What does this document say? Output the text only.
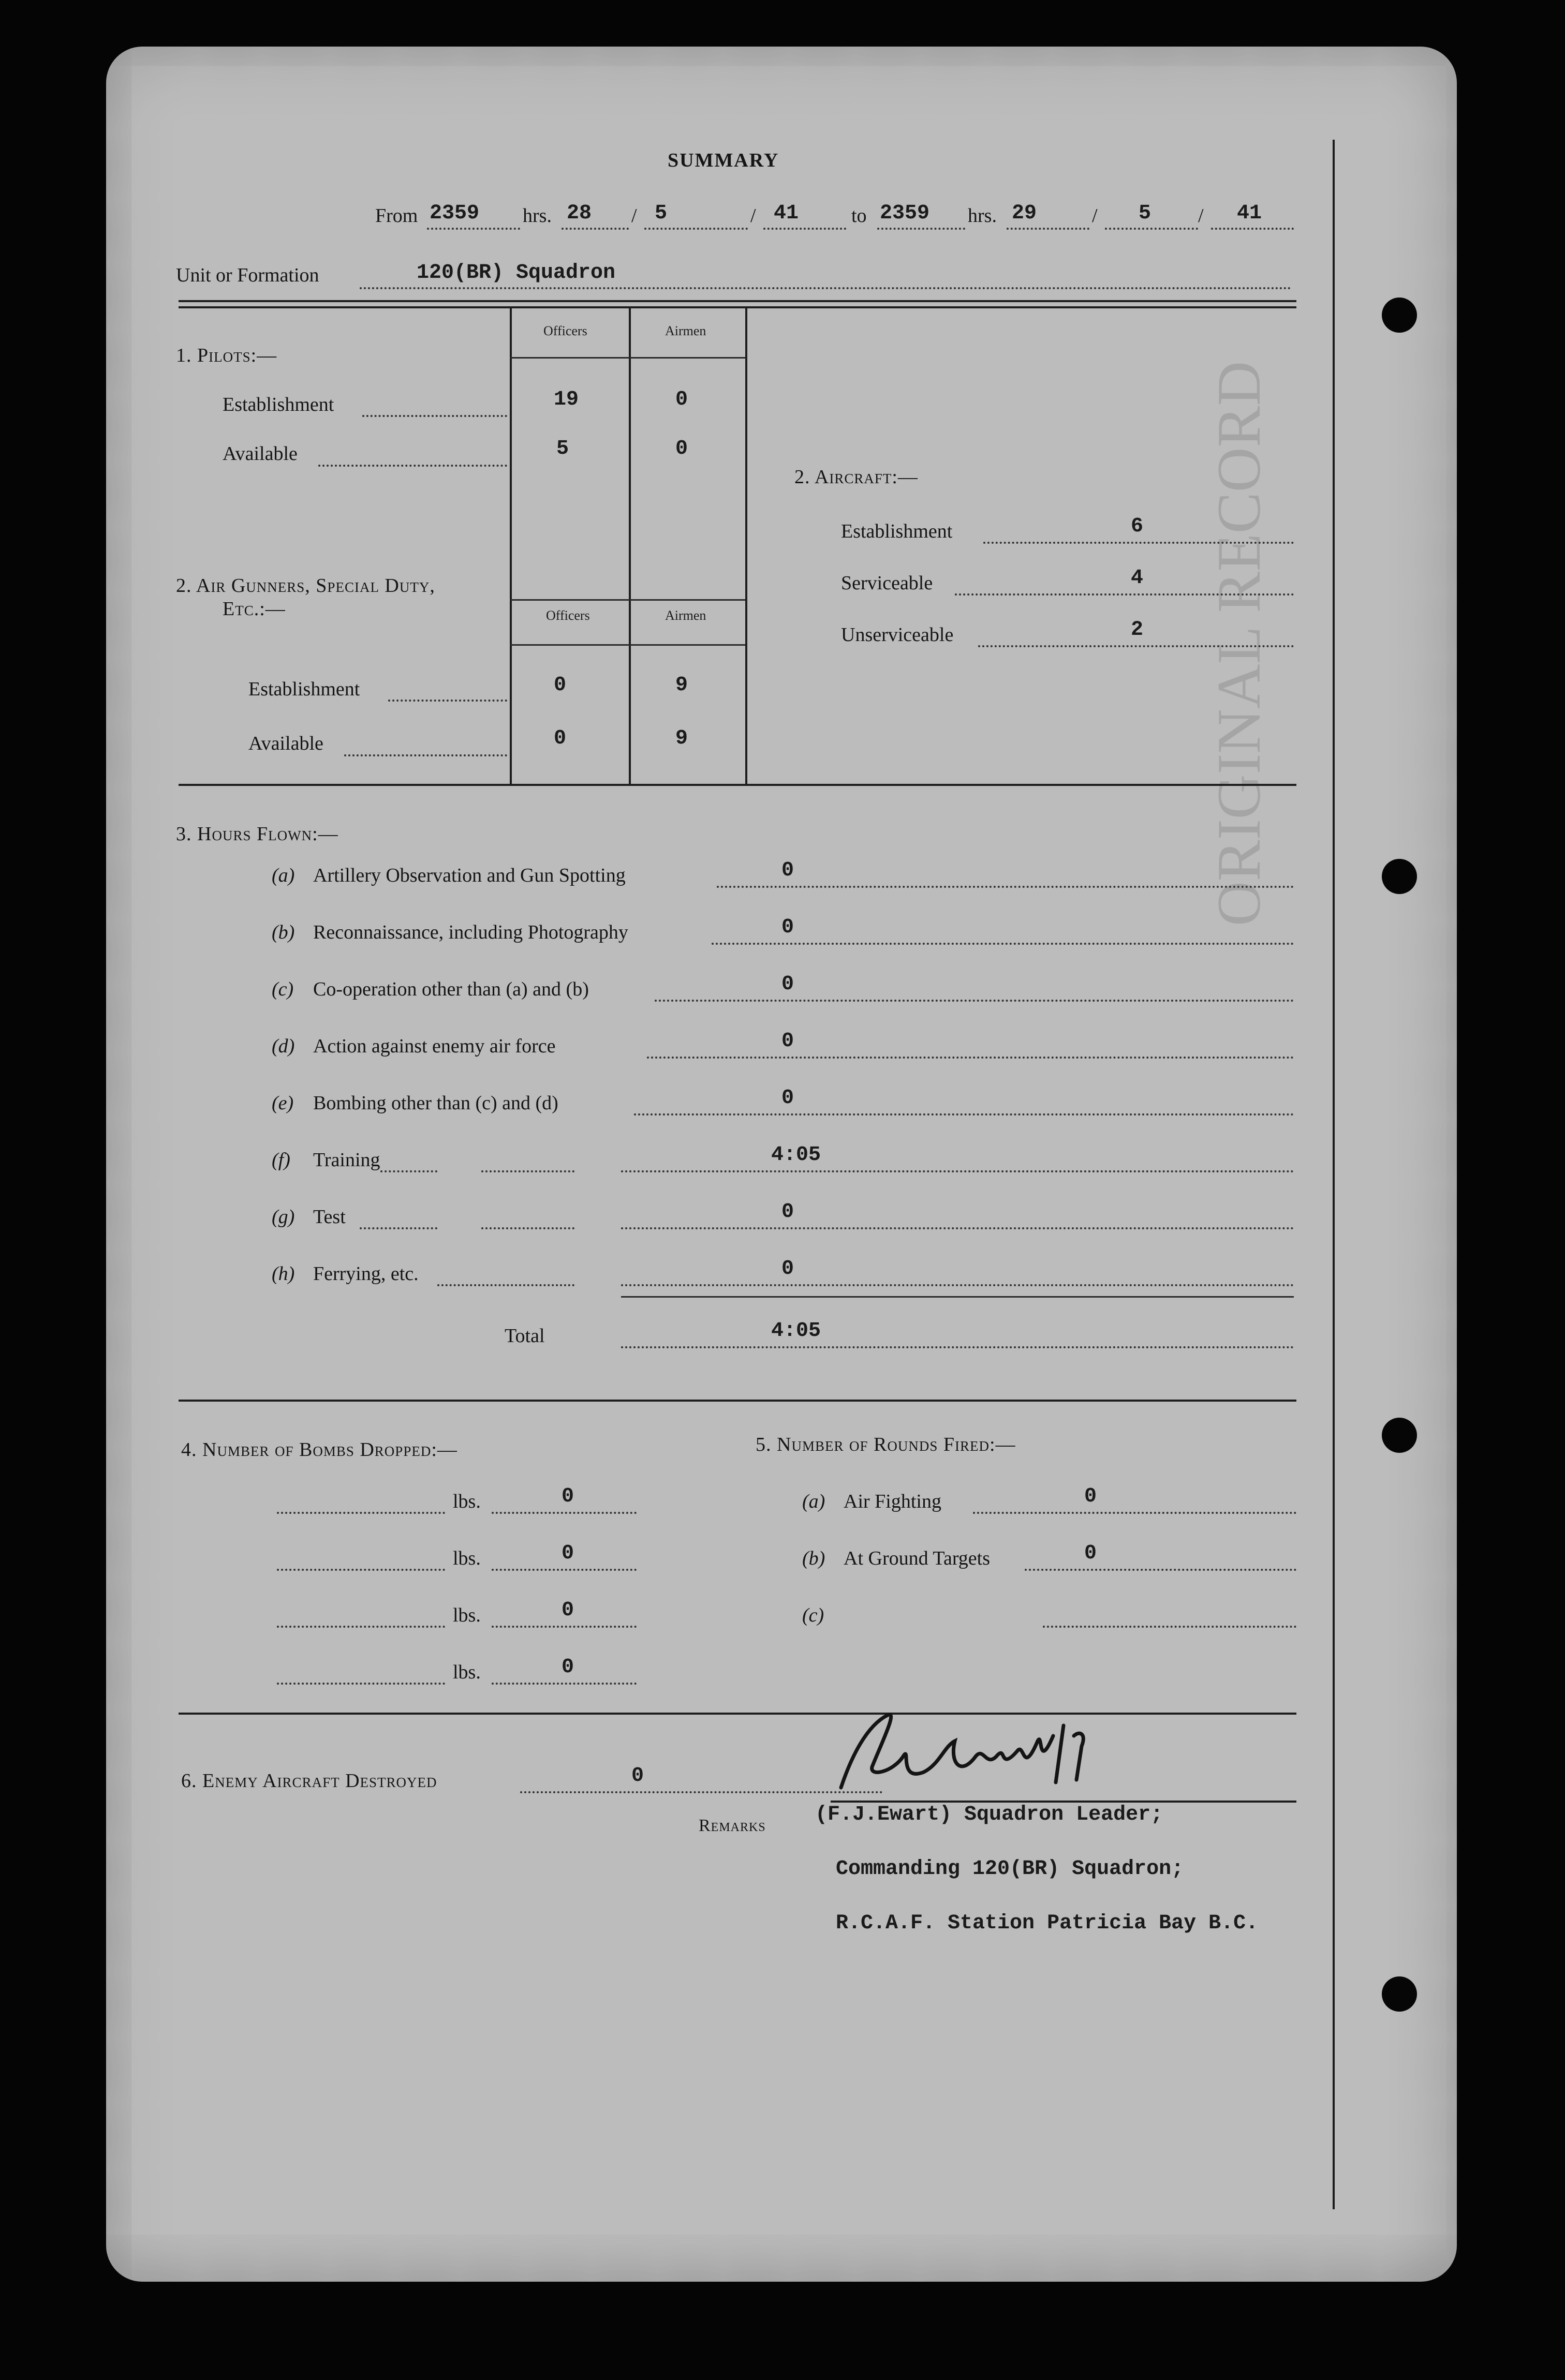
ORIGINAL RECORD
SUMMARY
From 2359 hrs. 28 / 5	/ 41	to 2359 hrs. 29	/ 5 / 41
Unit or Formation	120(BR) Squadron
1. Pilots:—
Officers	Airmen
Establishment	19	0
Available	5	0
2. Air Gunners, Special Duty,
Etc.:—	Officers	Airmen
Establishment	0	9
Available	0	9
2. Aircraft:—
Establishment	6
Serviceable	4
Unserviceable	2
3. Hours Flown:—
(a) Artillery Observation and Gun Spotting	0
(b) Reconnaissance, including Photography	0
(c) Co-operation other than (a) and (b)	0
(d) Action against enemy air force	0
(e) Bombing other than (c) and (d)	0
(f) Training	4:05
(g) Test	0
(h) Ferrying, etc.	0
Total	4:05
4. Number of Bombs Dropped:—
lbs.	0
lbs.	0
lbs.	0
lbs.	0
5. Number of Rounds Fired:—
(a) Air Fighting	0
(b) At Ground Targets	0
(c)
6. Enemy Aircraft Destroyed	0
Remarks (F.J.Ewart) Squadron Leader;
Commanding 120(BR) Squadron;
R.C.A.F. Station Patricia Bay B.C.
